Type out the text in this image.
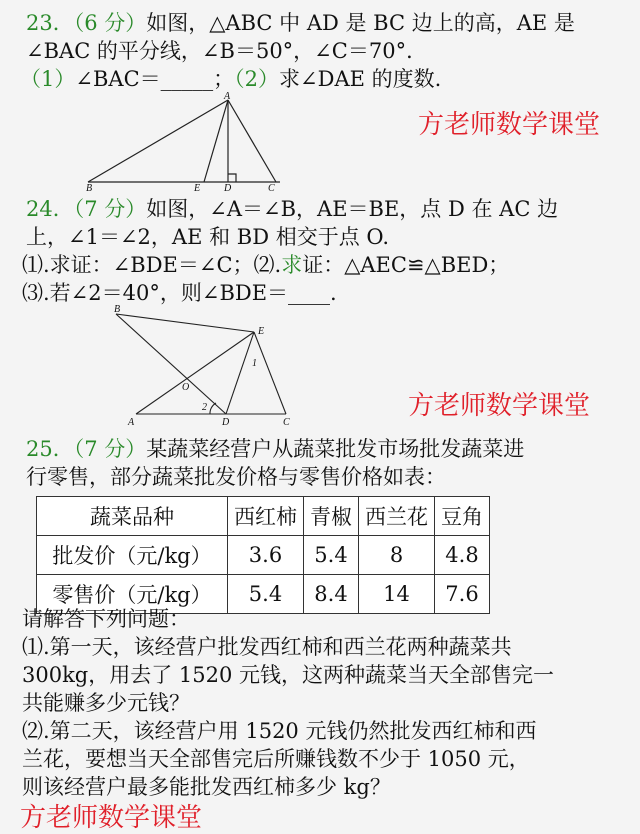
23．（6 分）如图，△ABC 中 AD 是 BC 边上的高，AE 是
∠BAC 的平分线，∠B＝50°，∠C＝70°．
（1）∠BAC＝_____；（2）求∠DAE 的度数.
A
B	E D	C
方老师数学课堂
24．（7 分）如图，∠A＝∠B，AE＝BE，点 D 在 AC 边
上，∠1＝∠2，AE 和 BD 相交于点 O.
⑴.求证：∠BDE＝∠C；⑵.求证：△AEC≌△BED；
⑶.若∠2＝40°，则∠BDE＝____.
B
E
1
O
2
A	D	C
方老师数学课堂
25．（7 分）某蔬菜经营户从蔬菜批发市场批发蔬菜进
行零售，部分蔬菜批发价格与零售价格如表：
蔬菜品种	西红柿	青椒	西兰花	豆角
批发价（元/kg）	3.6	5.4	8	4.8
零售价（元/kg）	5.4	8.4	14	7.6
请解答下列问题：
⑴.第一天，该经营户批发西红柿和西兰花两种蔬菜共
300kg，用去了 1520 元钱，这两种蔬菜当天全部售完一
共能赚多少元钱？
⑵.第二天，该经营户用 1520 元钱仍然批发西红柿和西
兰花，要想当天全部售完后所赚钱数不少于 1050 元，
则该经营户最多能批发西红柿多少 kg？
方老师数学课堂
